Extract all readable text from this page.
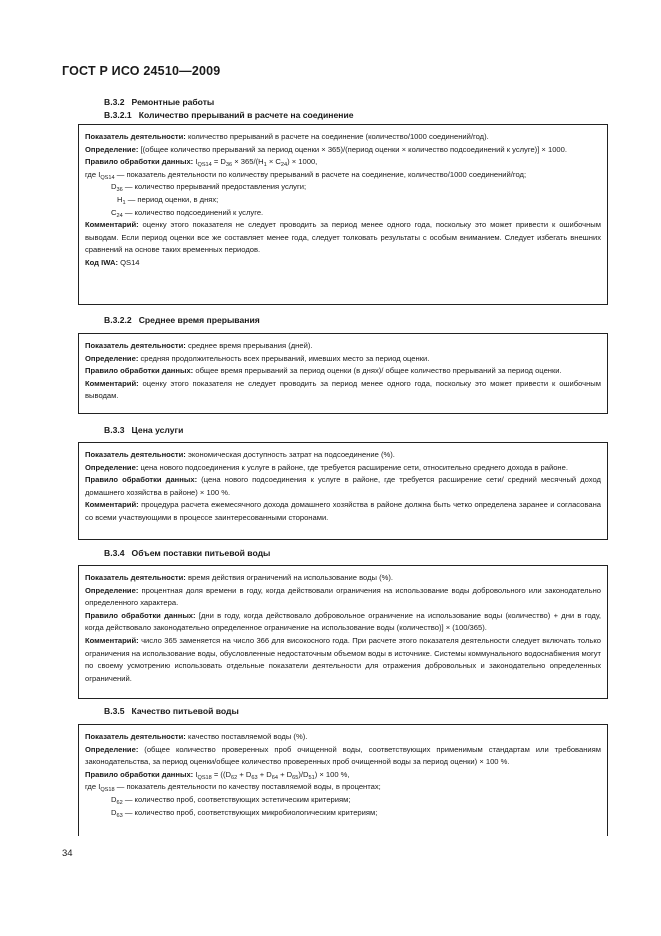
ГОСТ Р ИСО 24510—2009
В.3.2 Ремонтные работы
В.3.2.1 Количество прерываний в расчете на соединение

Показатель деятельности: количество прерываний в расчете на соединение (количество/1000 соединений/год).

Определение: [(общее количество прерываний за период оценки × 365)/(период оценки × количество подсоединений к услуге)] × 1000.

Правило обработки данных: $I_{QS14} = D_{36} \times 365/(H_1 \times C_{24}) \times 1000$,

где $I_{QS14}$ — показатель деятельности по количеству прерываний в расчете на соединение, количество/1000 соединений/год;

$D_{36}$ — количество прерываний предоставления услуги;

$H_1$ — период оценки, в днях;

$C_{24}$ — количество подсоединений к услуге.

Комментарий: оценку этого показателя не следует проводить за период менее одного года, поскольку это может привести к ошибочным выводам. Если период оценки все же составляет менее года, следует толковать результаты с особым вниманием. Следует избегать внешних сравнений на основе таких временных периодов.

Код IWA: QS14

В.3.2.2 Среднее время прерывания

Показатель деятельности: среднее время прерывания (дней).

Определение: средняя продолжительность всех прерываний, имевших место за период оценки.

Правило обработки данных: общее время прерываний за период оценки (в днях)/ общее количество прерываний за период оценки.

Комментарий: оценку этого показателя не следует проводить за период менее одного года, поскольку это может привести к ошибочным выводам.

В.3.3 Цена услуги

Показатель деятельности: экономическая доступность затрат на подсоединение (%).

Определение: цена нового подсоединения к услуге в районе, где требуется расширение сети, относительно среднего дохода в районе.

Правило обработки данных: (цена нового подсоединения к услуге в районе, где требуется расширение сети/ средний месячный доход домашнего хозяйства в районе) × 100 %.

Комментарий: процедура расчета ежемесячного дохода домашнего хозяйства в районе должна быть четко определена заранее и согласована со всеми участвующими в процессе заинтересованными сторонами.

В.3.4 Объем поставки питьевой воды

Показатель деятельности: время действия ограничений на использование воды (%).

Определение: процентная доля времени в году, когда действовали ограничения на использование воды добровольного или законодательно определенного характера.

Правило обработки данных: [дни в году, когда действовало добровольное ограничение на использование воды (количество) + дни в году, когда действовало законодательно определенное ограничение на использование воды (количество)] × (100/365).

Комментарий: число 365 заменяется на число 366 для високосного года. При расчете этого показателя деятельности следует включать только ограничения на использование воды, обусловленные недостаточным объемом воды в источнике. Системы коммунального водоснабжения могут по своему усмотрению использовать отдельные показатели деятельности для отражения добровольных и законодательно определенных ограничений.

В.3.5 Качество питьевой воды

Показатель деятельности: качество поставляемой воды (%).

Определение: (общее количество проверенных проб очищенной воды, соответствующих применимым стандартам или требованиям законодательства, за период оценки/общее количество проверенных проб очищенной воды за период оценки) × 100 %.

Правило обработки данных: $I_{QS18} = ((D_{62} + D_{63} + D_{64} + D_{65})/D_{51}) \times 100$ %,

где $I_{QS18}$ — показатель деятельности по качеству поставляемой воды, в процентах;

$D_{62}$ — количество проб, соответствующих эстетическим критериям;

$D_{63}$ — количество проб, соответствующих микробиологическим критериям;

34
